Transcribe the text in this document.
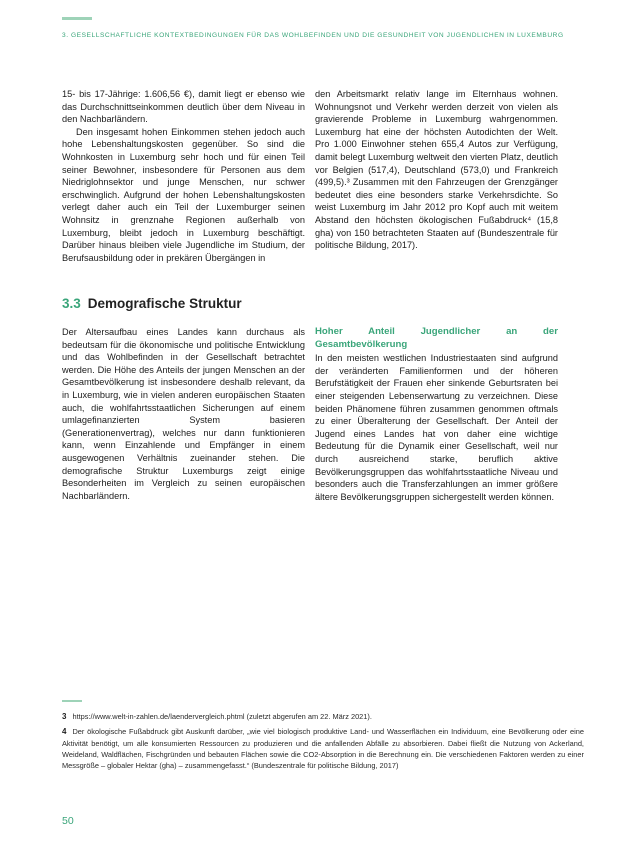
3. GESELLSCHAFTLICHE KONTEXTBEDINGUNGEN FÜR DAS WOHLBEFINDEN UND DIE GESUNDHEIT VON JUGENDLICHEN IN LUXEMBURG

15- bis 17-Jährige: 1.606,56 €), damit liegt er ebenso wie das Durchschnittseinkommen deutlich über dem Niveau in den Nachbarländern.

Den insgesamt hohen Einkommen stehen jedoch auch hohe Lebenshaltungskosten gegenüber. So sind die Wohnkosten in Luxemburg sehr hoch und für einen Teil seiner Bewohner, insbesondere für Personen aus dem Niedriglohnsektor und junge Menschen, nur schwer erschwinglich. Aufgrund der hohen Lebenshaltungskosten verlegt daher auch ein Teil der Luxemburger seinen Wohnsitz in grenznahe Regionen außerhalb von Luxemburg, bleibt jedoch in Luxemburg beschäftigt. Darüber hinaus bleiben viele Jugendliche im Studium, der Berufsausbildung oder in prekären Übergängen in

den Arbeitsmarkt relativ lange im Elternhaus wohnen. Wohnungsnot und Verkehr werden derzeit von vielen als gravierende Probleme in Luxemburg wahrgenommen. Luxemburg hat eine der höchsten Autodichten der Welt. Pro 1.000 Einwohner stehen 655,4 Autos zur Verfügung, damit belegt Luxemburg weltweit den vierten Platz, deutlich vor Belgien (517,4), Deutschland (573,0) und Frankreich (499,5).³ Zusammen mit den Fahrzeugen der Grenzgänger bedeutet dies eine besonders starke Verkehrsdichte. So weist Luxemburg im Jahr 2012 pro Kopf auch mit weitem Abstand den höchsten ökologischen Fußabdruck⁴ (15,8 gha) von 150 betrachteten Staaten auf (Bundeszentrale für politische Bildung, 2017).

3.3 Demografische Struktur

Der Altersaufbau eines Landes kann durchaus als bedeutsam für die ökonomische und politische Entwicklung und das Wohlbefinden in der Gesellschaft betrachtet werden. Die Höhe des Anteils der jungen Menschen an der Gesamtbevölkerung ist insbesondere deshalb relevant, da in Luxemburg, wie in vielen anderen europäischen Staaten auch, die wohlfahrtsstaatlichen Sicherungen auf einem umlagefinanzierten System basieren (Generationenvertrag), welches nur dann funktionieren kann, wenn Einzahlende und Empfänger in einem ausgewogenen Verhältnis zueinander stehen. Die demografische Struktur Luxemburgs zeigt einige Besonderheiten im Vergleich zu seinen europäischen Nachbarländern.

Hoher Anteil Jugendlicher an der Gesamtbevölkerung

In den meisten westlichen Industriestaaten sind aufgrund der veränderten Familienformen und der höheren Berufstätigkeit der Frauen eher sinkende Geburtsraten bei einer steigenden Lebenserwartung zu verzeichnen. Diese beiden Phänomene führen zusammen genommen oftmals zu einer Überalterung der Gesellschaft. Der Anteil der Jugend eines Landes hat von daher eine wichtige Bedeutung für die Dynamik einer Gesellschaft, weil nur durch ausreichend starke, beruflich aktive Bevölkerungsgruppen das wohlfahrtsstaatliche Niveau und besonders auch die Transferzahlungen an immer größere ältere Bevölkerungsgruppen sichergestellt werden können.

3 https://www.welt-in-zahlen.de/laendervergleich.phtml (zuletzt abgerufen am 22. März 2021).

4 Der ökologische Fußabdruck gibt Auskunft darüber, „wie viel biologisch produktive Land- und Wasserflächen ein Individuum, eine Bevölkerung oder eine Aktivität benötigt, um alle konsumierten Ressourcen zu produzieren und die anfallenden Abfälle zu absorbieren. Dabei fließt die Nutzung von Ackerland, Weideland, Waldflächen, Fischgründen und bebauten Flächen sowie die CO2-Absorption in die Berechnung ein. Die verschiedenen Faktoren werden zu einer Messgröße – globaler Hektar (gha) – zusammengefasst.“ (Bundeszentrale für politische Bildung, 2017)

50
